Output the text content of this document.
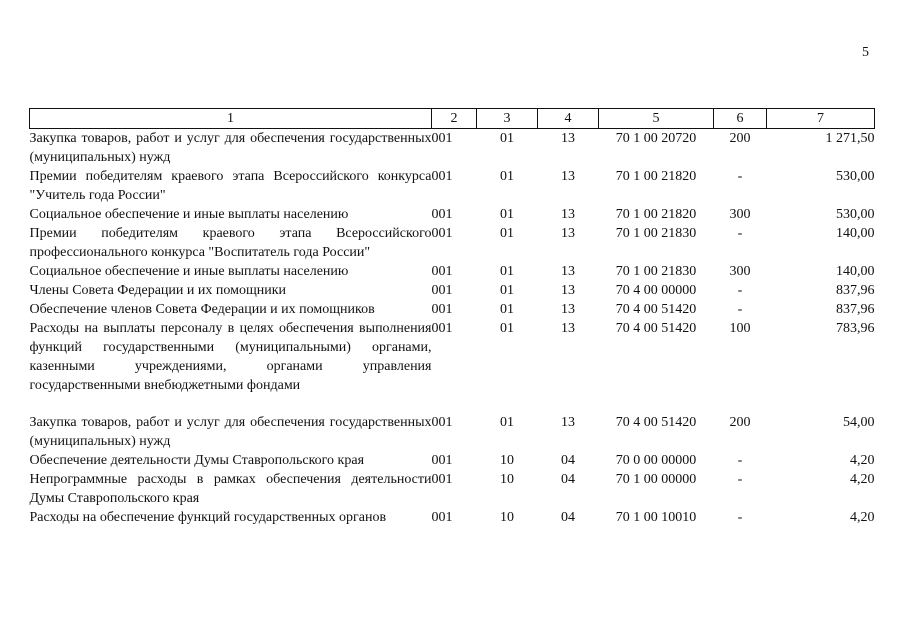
5
1	2	3	4	5	6	7
Закупка товаров, работ и услуг для обеспечения государственных (муниципальных) нужд	001	01	13	70 1 00 20720	200	1 271,50
Премии победителям краевого этапа Всероссийского конкурса "Учитель года России"	001	01	13	70 1 00 21820	-	530,00
Социальное обеспечение и иные выплаты населению	001	01	13	70 1 00 21820	300	530,00
Премии победителям краевого этапа Всероссийского профессионального конкурса "Воспитатель года России"	001	01	13	70 1 00 21830	-	140,00
Социальное обеспечение и иные выплаты населению	001	01	13	70 1 00 21830	300	140,00
Члены Совета Федерации и их помощники	001	01	13	70 4 00 00000	-	837,96
Обеспечение членов Совета Федерации и их помощников	001	01	13	70 4 00 51420	-	837,96
Расходы на выплаты персоналу в целях обеспечения выполнения функций государственными (муниципальными) органами, казенными учреждениями, органами управления государственными внебюджетными фондами	001	01	13	70 4 00 51420	100	783,96

Закупка товаров, работ и услуг для обеспечения государственных (муниципальных) нужд	001	01	13	70 4 00 51420	200	54,00
Обеспечение деятельности Думы Ставропольского края	001	10	04	70 0 00 00000	-	4,20
Непрограммные расходы в рамках обеспечения деятельности Думы Ставропольского края	001	10	04	70 1 00 00000	-	4,20
Расходы на обеспечение функций государственных органов	001	10	04	70 1 00 10010	-	4,20
